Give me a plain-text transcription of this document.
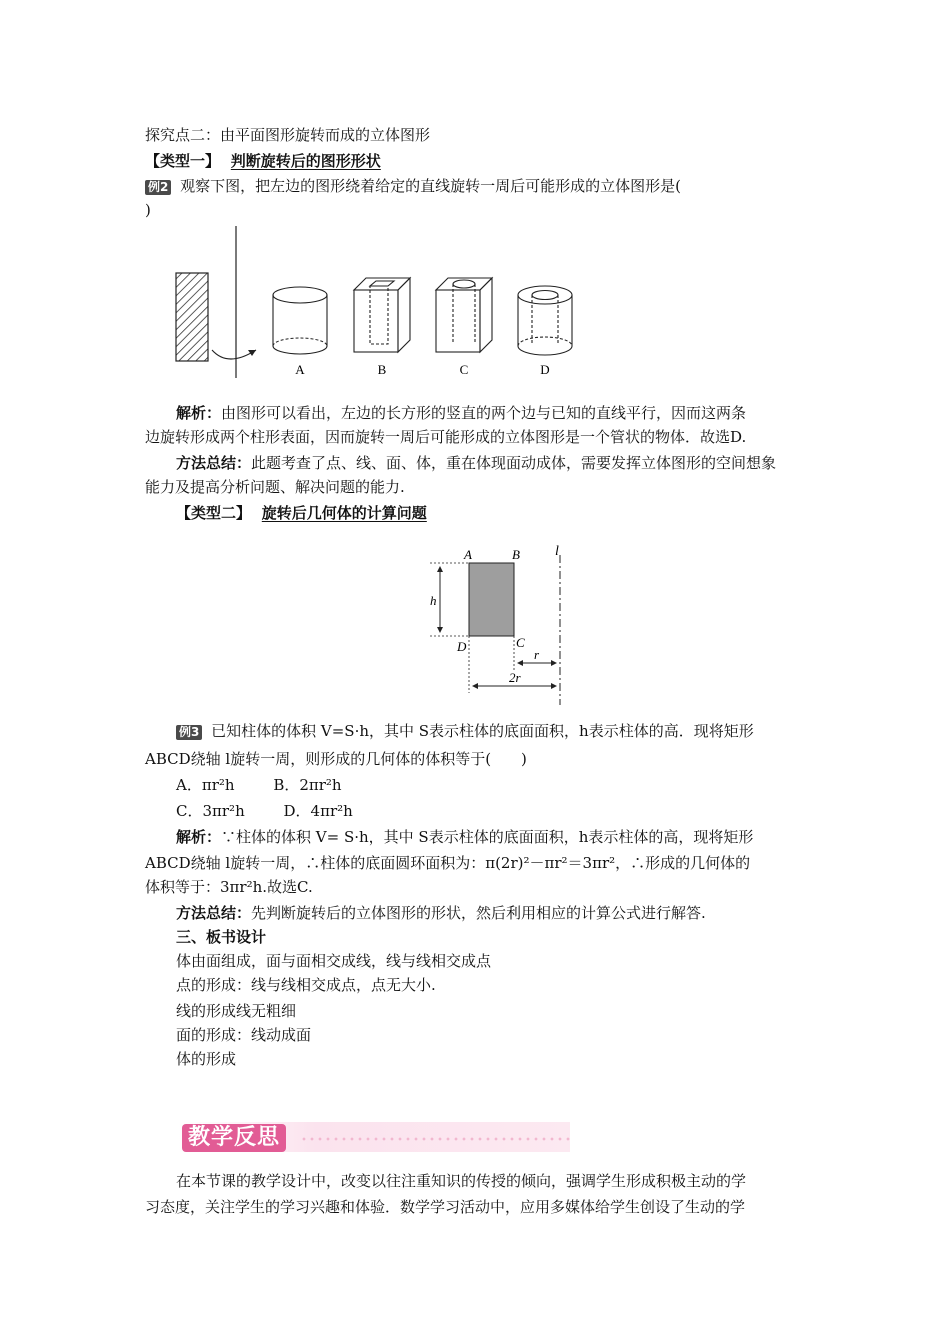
探究点二：由平面图形旋转而成的立体图形
【类型一】 判断旋转后的图形形状
例2 观察下图，把左边的图形绕着给定的直线旋转一周后可能形成的立体图形是(
)
A	B	C	D
解析：由图形可以看出，左边的长方形的竖直的两个边与已知的直线平行，因而这两条
边旋转形成两个柱形表面，因而旋转一周后可能形成的立体图形是一个管状的物体．故选D.
方法总结：此题考查了点、线、面、体，重在体现面动成体，需要发挥立体图形的空间想象
能力及提高分析问题、解决问题的能力.
【类型二】 旋转后几何体的计算问题
l
A	B
C
D
h
r
2r
例3 已知柱体的体积 V=S·h，其中 S表示柱体的底面面积，h表示柱体的高．现将矩形
ABCD绕轴 l旋转一周，则形成的几何体的体积等于(　　)
A．πr²h	B．2πr²h
C．3πr²h	D．4πr²h
解析：∵柱体的体积 V= S·h，其中 S表示柱体的底面面积，h表示柱体的高，现将矩形
ABCD绕轴 l旋转一周，∴柱体的底面圆环面积为：π(2r)²－πr²＝3πr²，∴形成的几何体的
体积等于：3πr²h.故选C.
方法总结：先判断旋转后的立体图形的形状，然后利用相应的计算公式进行解答.
三、板书设计
体由面组成，面与面相交成线，线与线相交成点
点的形成：线与线相交成点，点无大小.
线的形成线无粗细
面的形成：线动成面
体的形成
教学反思
在本节课的教学设计中，改变以往注重知识的传授的倾向，强调学生形成积极主动的学
习态度，关注学生的学习兴趣和体验．数学学习活动中，应用多媒体给学生创设了生动的学
